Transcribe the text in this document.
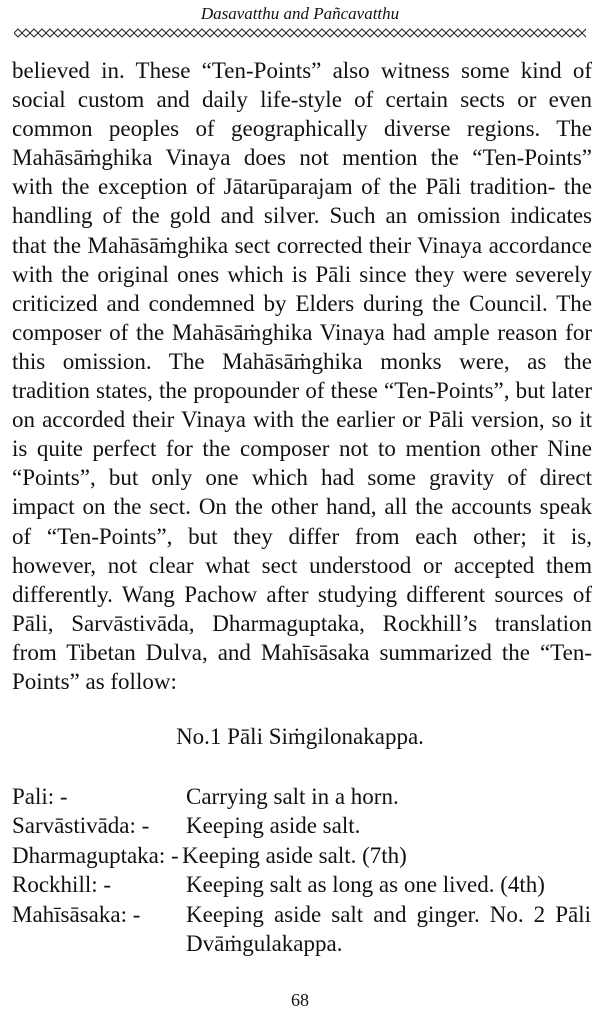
Dasavatthu and Pañcavatthu

believed in. These “Ten-Points” also witness some kind of social custom and daily life-style of certain sects or even common peoples of geographically diverse regions. The Mahāsāṁghika Vinaya does not mention the “Ten-Points” with the exception of Jātarūparajam of the Pāli tradition- the handling of the gold and silver. Such an omission indicates that the Mahāsāṁghika sect corrected their Vinaya accordance with the original ones which is Pāli since they were severely criticized and condemned by Elders during the Council. The composer of the Mahāsāṁghika Vinaya had ample reason for this omission. The Mahāsāṁghika monks were, as the tradition states, the propounder of these “Ten-Points”, but later on accorded their Vinaya with the earlier or Pāli version, so it is quite perfect for the composer not to mention other Nine “Points”, but only one which had some gravity of direct impact on the sect. On the other hand, all the accounts speak of “Ten-Points”, but they differ from each other; it is, however, not clear what sect understood or accepted them differently. Wang Pachow after studying different sources of Pāli, Sarvāstivāda, Dharmaguptaka, Rockhill’s translation from Tibetan Dulva, and Mahīsāsaka summarized the “Ten-Points” as follow:

No.1 Pāli Siṁgilonakappa.

Pali: -	Carrying salt in a horn.
Sarvāstivāda: - Keeping aside salt.
Dharmaguptaka: - Keeping aside salt. (7th)
Rockhill: -	Keeping salt as long as one lived. (4th)
Mahīsāsaka: - Keeping aside salt and ginger. No. 2 Pāli Dvāṁgulakappa.
68
